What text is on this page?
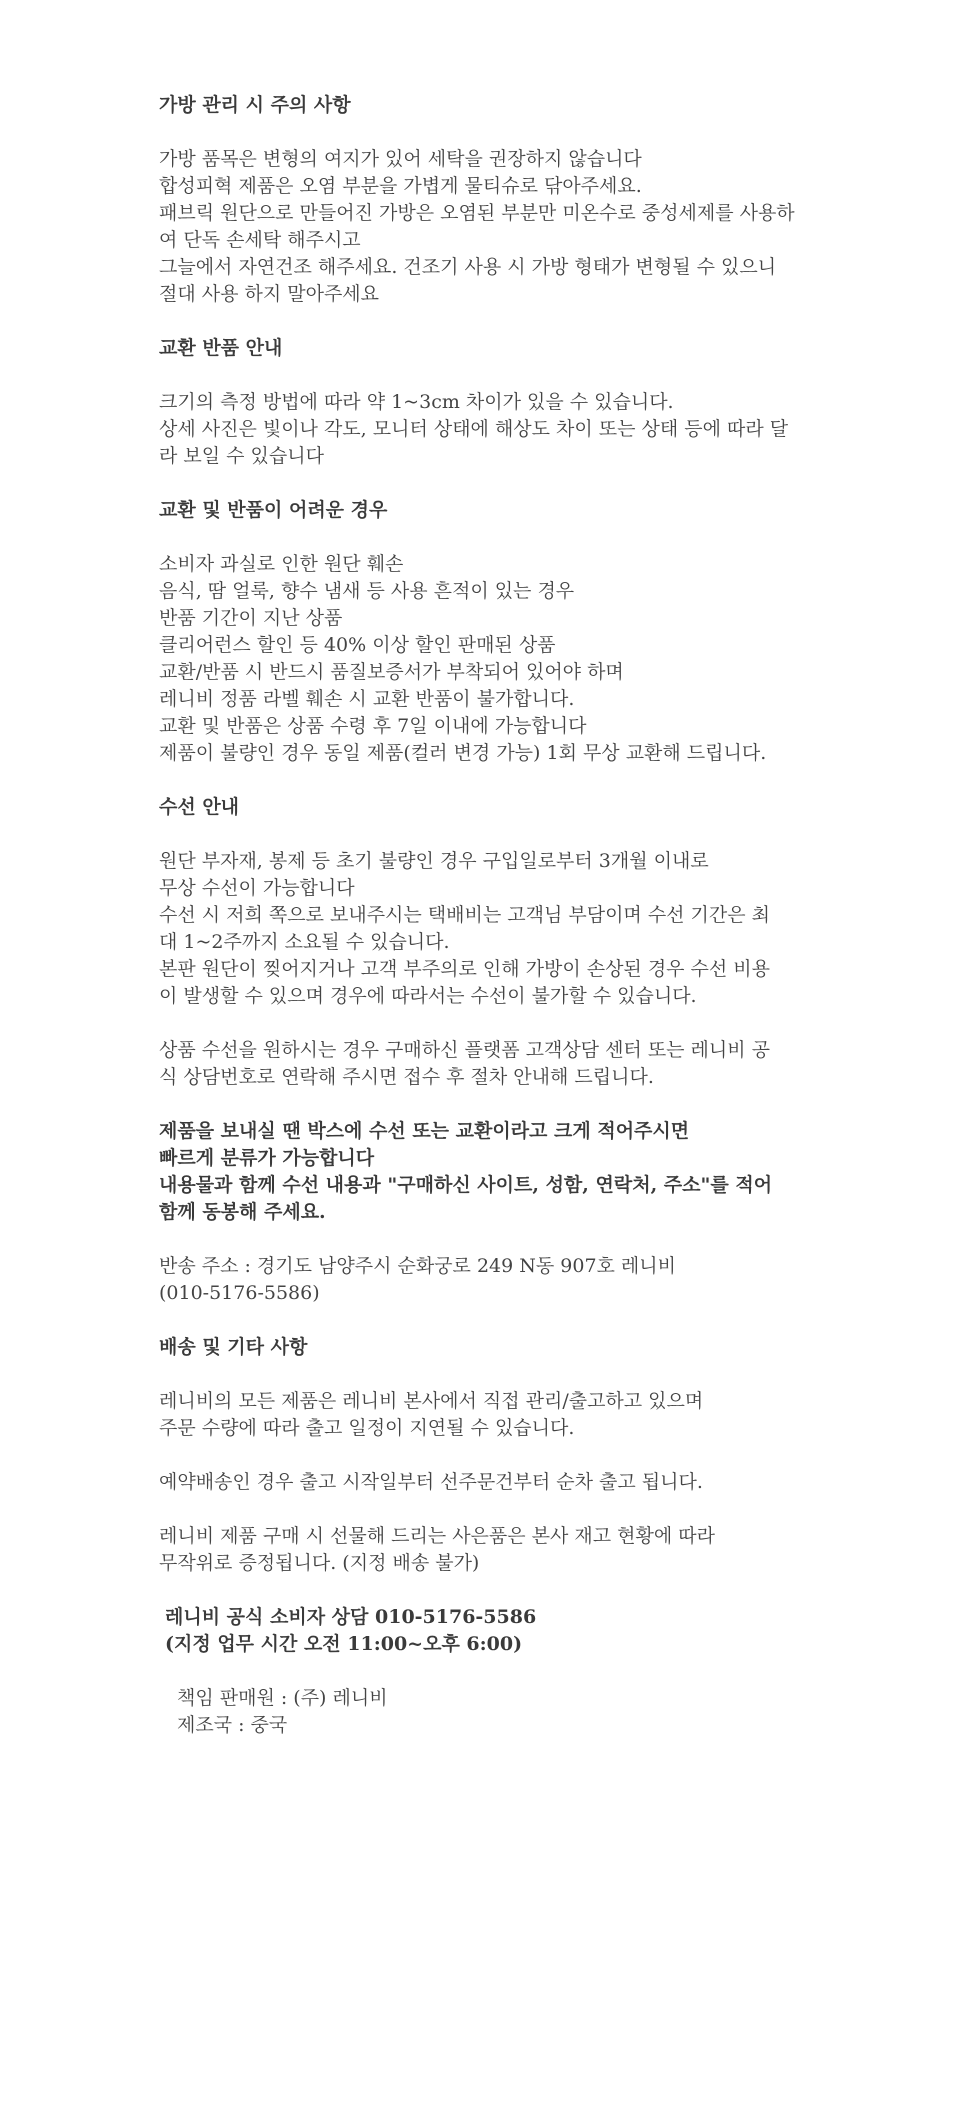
가방 관리 시 주의 사항

가방 품목은 변형의 여지가 있어 세탁을 권장하지 않습니다

합성피혁 제품은 오염 부분을 가볍게 물티슈로 닦아주세요.

패브릭 원단으로 만들어진 가방은 오염된 부분만 미온수로 중성세제를 사용하

여 단독 손세탁 해주시고

그늘에서 자연건조 해주세요. 건조기 사용 시 가방 형태가 변형될 수 있으니

절대 사용 하지 말아주세요

교환 반품 안내

크기의 측정 방법에 따라 약 1~3cm 차이가 있을 수 있습니다.

상세 사진은 빛이나 각도, 모니터 상태에 해상도 차이 또는 상태 등에 따라 달

라 보일 수 있습니다

교환 및 반품이 어려운 경우

소비자 과실로 인한 원단 훼손

음식, 땀 얼룩, 향수 냄새 등 사용 흔적이 있는 경우

반품 기간이 지난 상품

클리어런스 할인 등 40% 이상 할인 판매된 상품

교환/반품 시 반드시 품질보증서가 부착되어 있어야 하며

레니비 정품 라벨 훼손 시 교환 반품이 불가합니다.

교환 및 반품은 상품 수령 후 7일 이내에 가능합니다

제품이 불량인 경우 동일 제품(컬러 변경 가능) 1회 무상 교환해 드립니다.

수선 안내

원단 부자재, 봉제 등 초기 불량인 경우 구입일로부터 3개월 이내로

무상 수선이 가능합니다

수선 시 저희 쪽으로 보내주시는 택배비는 고객님 부담이며 수선 기간은 최

대 1~2주까지 소요될 수 있습니다.

본판 원단이 찢어지거나 고객 부주의로 인해 가방이 손상된 경우 수선 비용

이 발생할 수 있으며 경우에 따라서는 수선이 불가할 수 있습니다.

상품 수선을 원하시는 경우 구매하신 플랫폼 고객상담 센터 또는 레니비 공

식 상담번호로 연락해 주시면 접수 후 절차 안내해 드립니다.

제품을 보내실 땐 박스에 수선 또는 교환이라고 크게 적어주시면

빠르게 분류가 가능합니다

내용물과 함께 수선 내용과 "구매하신 사이트, 성함, 연락처, 주소"를 적어

함께 동봉해 주세요.

반송 주소 : 경기도 남양주시 순화궁로 249 N동 907호 레니비

(010-5176-5586)

배송 및 기타 사항

레니비의 모든 제품은 레니비 본사에서 직접 관리/출고하고 있으며

주문 수량에 따라 출고 일정이 지연될 수 있습니다.

예약배송인 경우 출고 시작일부터 선주문건부터 순차 출고 됩니다.

레니비 제품 구매 시 선물해 드리는 사은품은 본사 재고 현황에 따라

무작위로 증정됩니다. (지정 배송 불가)

레니비 공식 소비자 상담 010-5176-5586

(지정 업무 시간 오전 11:00~오후 6:00)

책임 판매원 : (주) 레니비

제조국 : 중국
